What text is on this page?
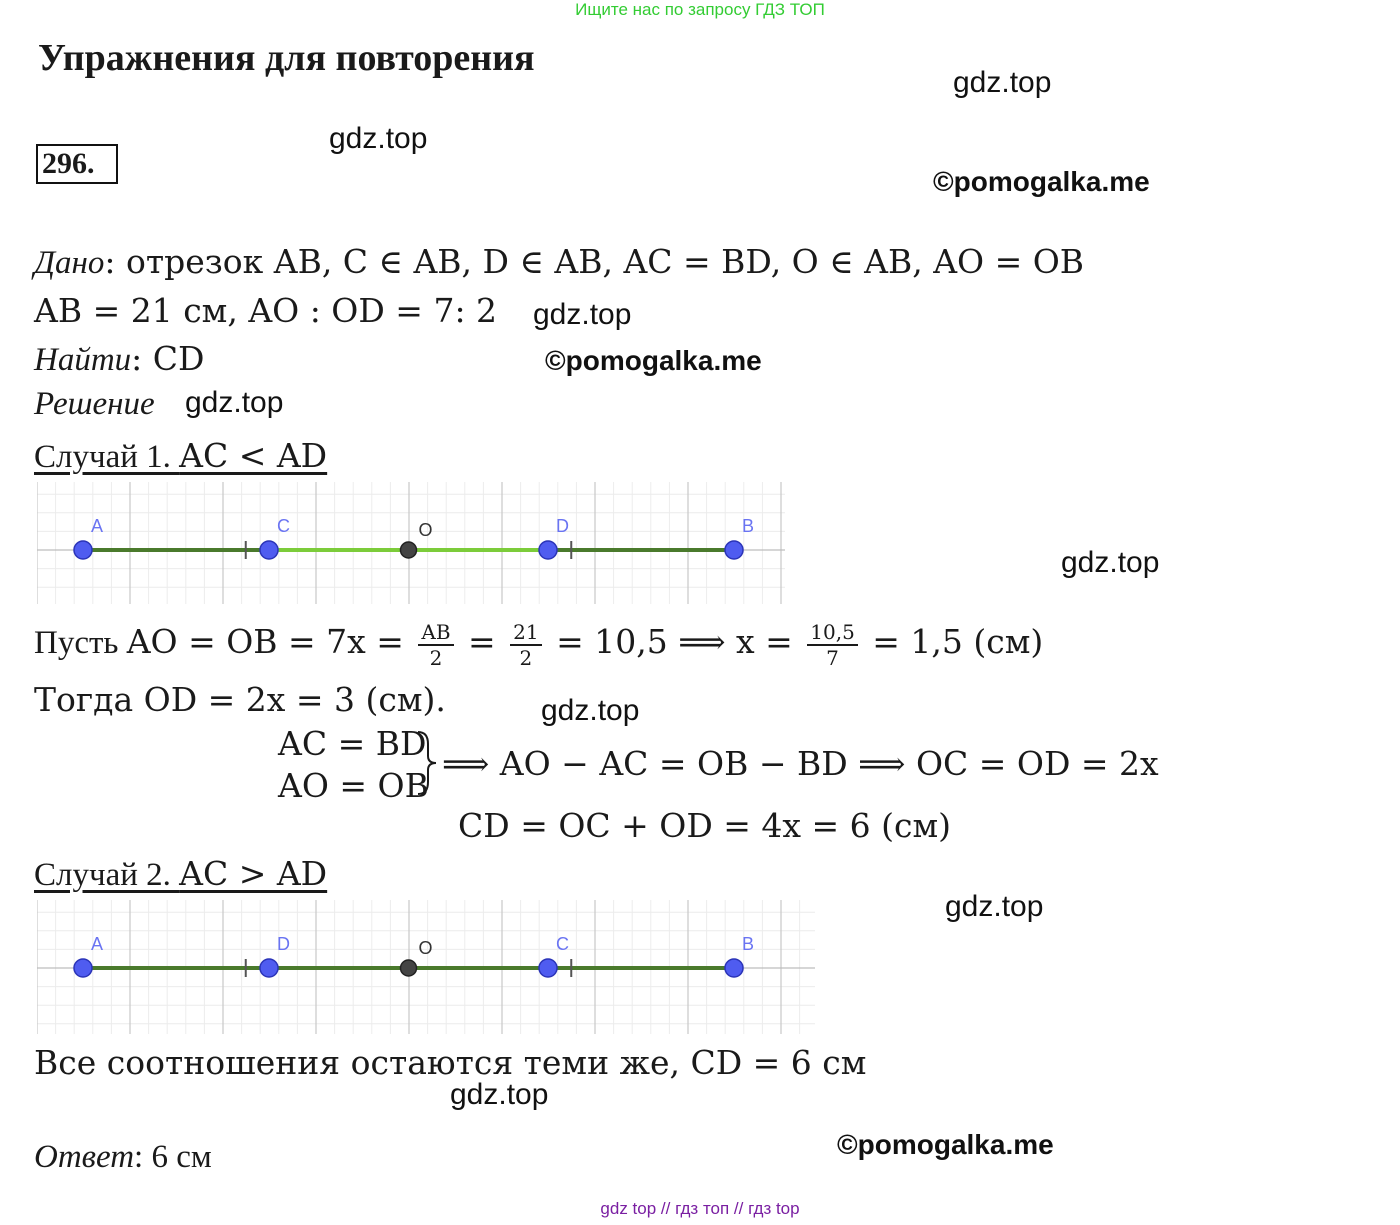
Ищите нас по запросу ГДЗ ТОП
Упражнения для повторения
296.
gdz.top
gdz.top
©pomogalka.me
gdz.top
©pomogalka.me
gdz.top
gdz.top
gdz.top
gdz.top
gdz.top
©pomogalka.me
Дано: отрезок AB, C ∈ AB, D ∈ AB, AC = BD, O ∈ AB, AO = OB
AB = 21 см, AO : OD = 7: 2
Найти: CD
Решение
Случай 1. AC < AD
A	C	O	D	B
Пусть AO = OB = $7x = \frac{AB}{2} = \frac{21}{2} = 10,5$ ⟹ $x = \frac{10,5}{7} = 1,5$ (см)
Тогда OD = 2x = 3 (см).
AC = BD
AO = OB
⟹ AO − AC = OB − BD ⟹ OC = OD = 2x
CD = OC + OD = 4x = 6 (см)
Случай 2. AC > AD
A	D	O	C	B
Все соотношения остаются теми же, CD = 6 см
Ответ: 6 см
gdz top // гдз топ // гдз top
